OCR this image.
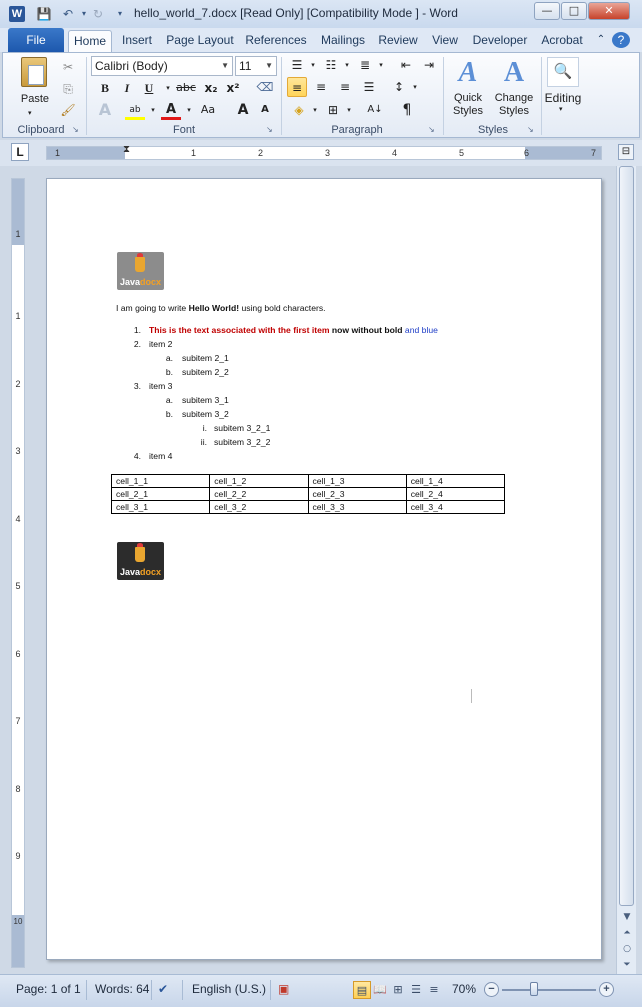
W 💾 ↶	▾ ↻	▾	hello_world_7.docx [Read Only] [Compatibility Mode ] - Word	—	□	✕
File	Home	Insert	Page Layout References	Mailings	Review	View	Developer	Acrobat	⌃	?
Paste
▾
✂
⎘
🖌
Clipboard ↘
Calibri (Body)	▼ 11 ▼
B	I	U	▾ abc x₂ x² ⌫
A	ab	▾ A	▾ Aa	A	A
Font	↘
☰	▾ ☷	▾ ≣	▾	⇤	⇥
≡	≡	≡	☰	↕	▾
◈	▾ ⊞	▾	A↓	¶
Paragraph	↘
A
Quick Styles
A
Change Styles
Styles	↘
🔍
Editing
▾
L	1	⧗	1	2	3	4	5	6	7	⊟
1
1
2
3
4
5
6
7
8
9
10
Javadocx
I am going to write Hello World! using bold characters.
1. This is the text associated with the first item now without bold and blue
2. item 2
a. subitem 2_1
b. subitem 2_2
3. item 3
a. subitem 3_1
b. subitem 3_2
i. subitem 3_2_1
ii. subitem 3_2_2
4. item 4
cell_1_1	cell_1_2	cell_1_3	cell_1_4
cell_2_1	cell_2_2	cell_2_3	cell_2_4
cell_3_1	cell_3_2	cell_3_3	cell_3_4
Javadocx
▼
⏶
○
⏷
Page: 1 of 1 Words: 64 ✔ English (U.S.) ▣	▤ 📖 ⊞ ☰ ≡	70%	−	+
